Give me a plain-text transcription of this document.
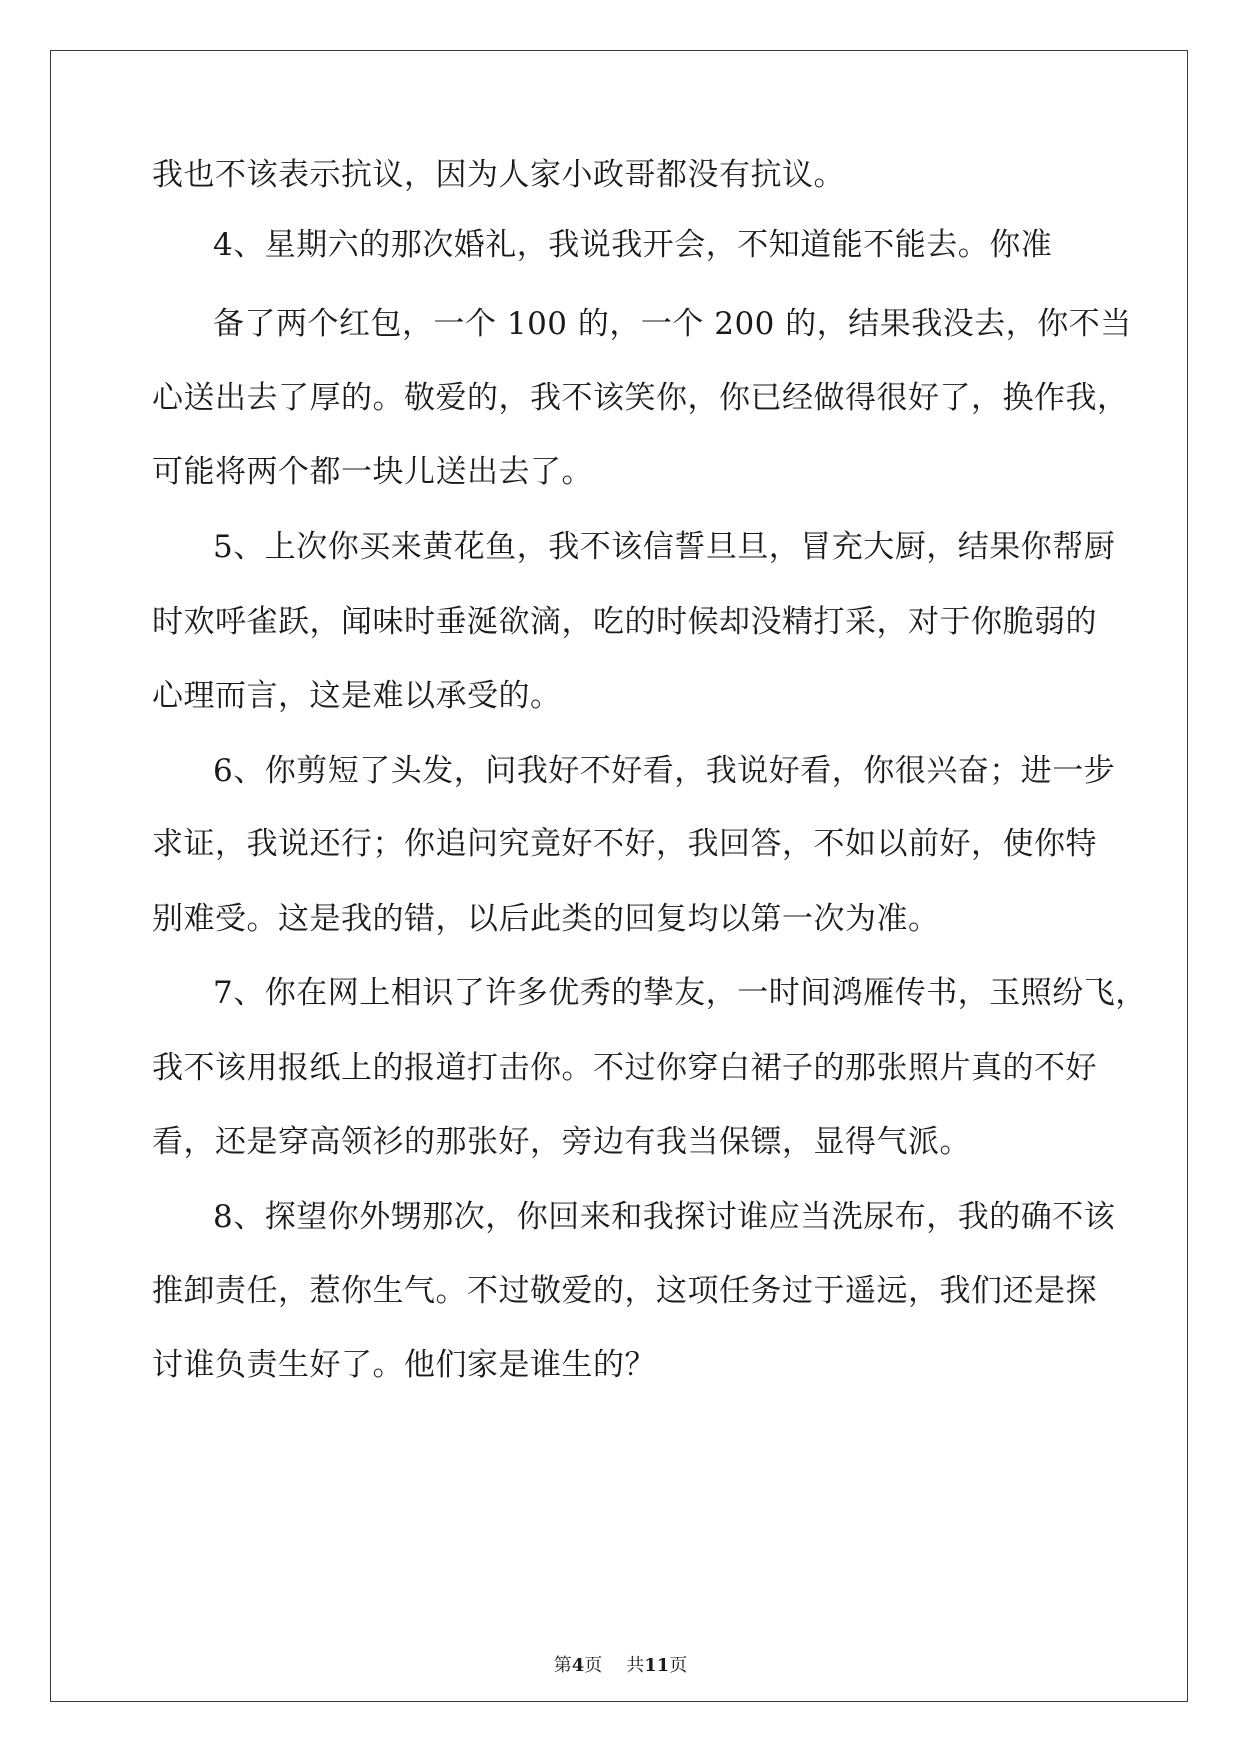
我也不该表示抗议，因为人家小政哥都没有抗议。
4、星期六的那次婚礼，我说我开会，不知道能不能去。你准
备了两个红包，一个 100 的，一个 200 的，结果我没去，你不当
心送出去了厚的。敬爱的，我不该笑你，你已经做得很好了，换作我，
可能将两个都一块儿送出去了。
5、上次你买来黄花鱼，我不该信誓旦旦，冒充大厨，结果你帮厨
时欢呼雀跃，闻味时垂涎欲滴，吃的时候却没精打采，对于你脆弱的
心理而言，这是难以承受的。
6、你剪短了头发，问我好不好看，我说好看，你很兴奋；进一步
求证，我说还行；你追问究竟好不好，我回答，不如以前好，使你特
别难受。这是我的错，以后此类的回复均以第一次为准。
7、你在网上相识了许多优秀的挚友，一时间鸿雁传书，玉照纷飞，
我不该用报纸上的报道打击你。不过你穿白裙子的那张照片真的不好
看，还是穿高领衫的那张好，旁边有我当保镖，显得气派。
8、探望你外甥那次，你回来和我探讨谁应当洗尿布，我的确不该
推卸责任，惹你生气。不过敬爱的，这项任务过于遥远，我们还是探
讨谁负责生好了。他们家是谁生的？
第4页 共11页
